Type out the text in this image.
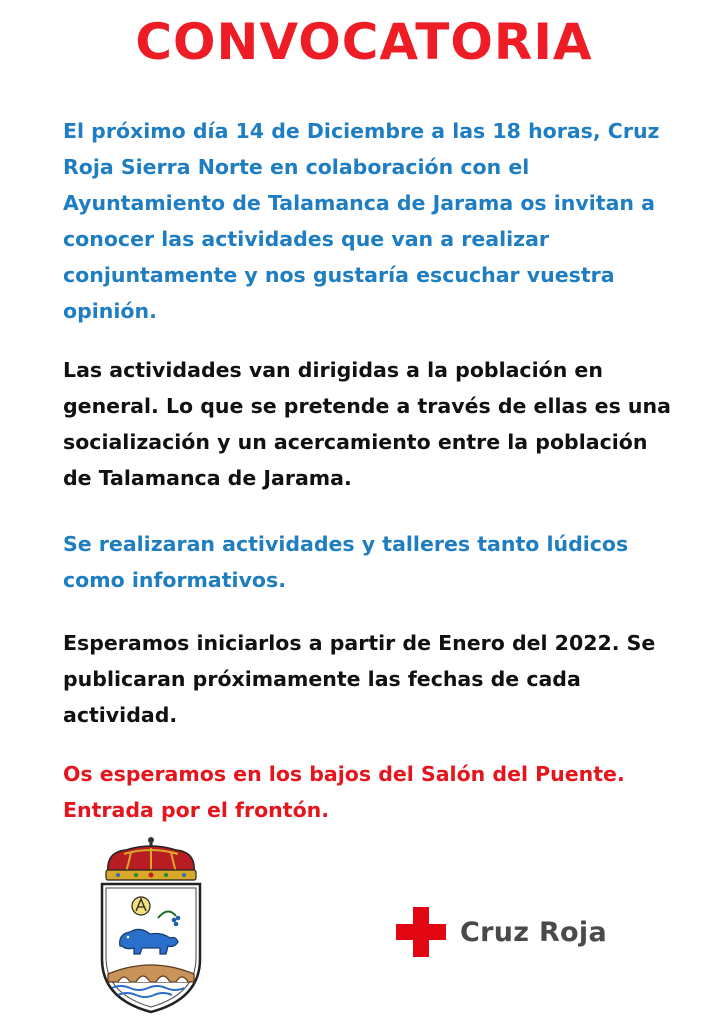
CONVOCATORIA

El próximo día 14 de Diciembre a las 18 horas, Cruz Roja Sierra Norte en colaboración con el Ayuntamiento de Talamanca de Jarama os invitan a conocer las actividades que van a realizar conjuntamente y nos gustaría escuchar vuestra opinión.

Las actividades van dirigidas a la población en general. Lo que se pretende a través de ellas es una socialización y un acercamiento entre la población de Talamanca de Jarama.

Se realizaran actividades y talleres tanto lúdicos como informativos.

Esperamos iniciarlos a partir de Enero del 2022. Se publicaran próximamente las fechas de cada actividad.

Os esperamos en los bajos del Salón del Puente. Entrada por el frontón.

Cruz Roja
